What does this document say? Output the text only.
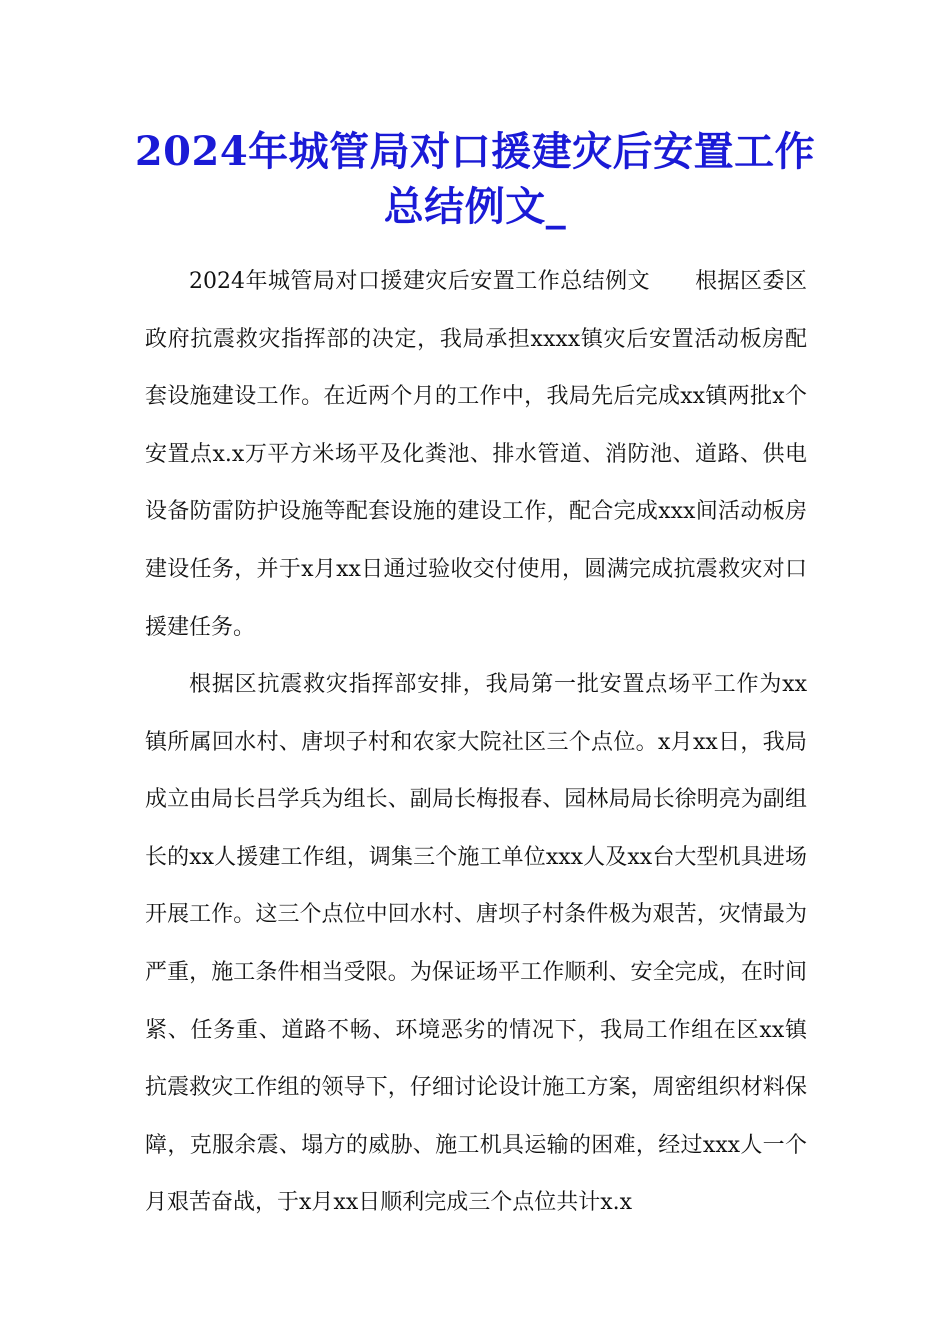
2024年城管局对口援建灾后安置工作总结例文_

2024年城管局对口援建灾后安置工作总结例文　　根据区委区政府抗震救灾指挥部的决定，我局承担xxxx镇灾后安置活动板房配套设施建设工作。在近两个月的工作中，我局先后完成xx镇两批x个安置点x.x万平方米场平及化粪池、排水管道、消防池、道路、供电设备防雷防护设施等配套设施的建设工作，配合完成xxx间活动板房建设任务，并于x月xx日通过验收交付使用，圆满完成抗震救灾对口援建任务。

根据区抗震救灾指挥部安排，我局第一批安置点场平工作为xx镇所属回水村、唐坝子村和农家大院社区三个点位。x月xx日，我局成立由局长吕学兵为组长、副局长梅报春、园林局局长徐明亮为副组长的xx人援建工作组，调集三个施工单位xxx人及xx台大型机具进场开展工作。这三个点位中回水村、唐坝子村条件极为艰苦，灾情最为严重，施工条件相当受限。为保证场平工作顺利、安全完成，在时间紧、任务重、道路不畅、环境恶劣的情况下，我局工作组在区xx镇抗震救灾工作组的领导下，仔细讨论设计施工方案，周密组织材料保障，克服余震、塌方的威胁、施工机具运输的困难，经过xxx人一个月艰苦奋战，于x月xx日顺利完成三个点位共计x.x
